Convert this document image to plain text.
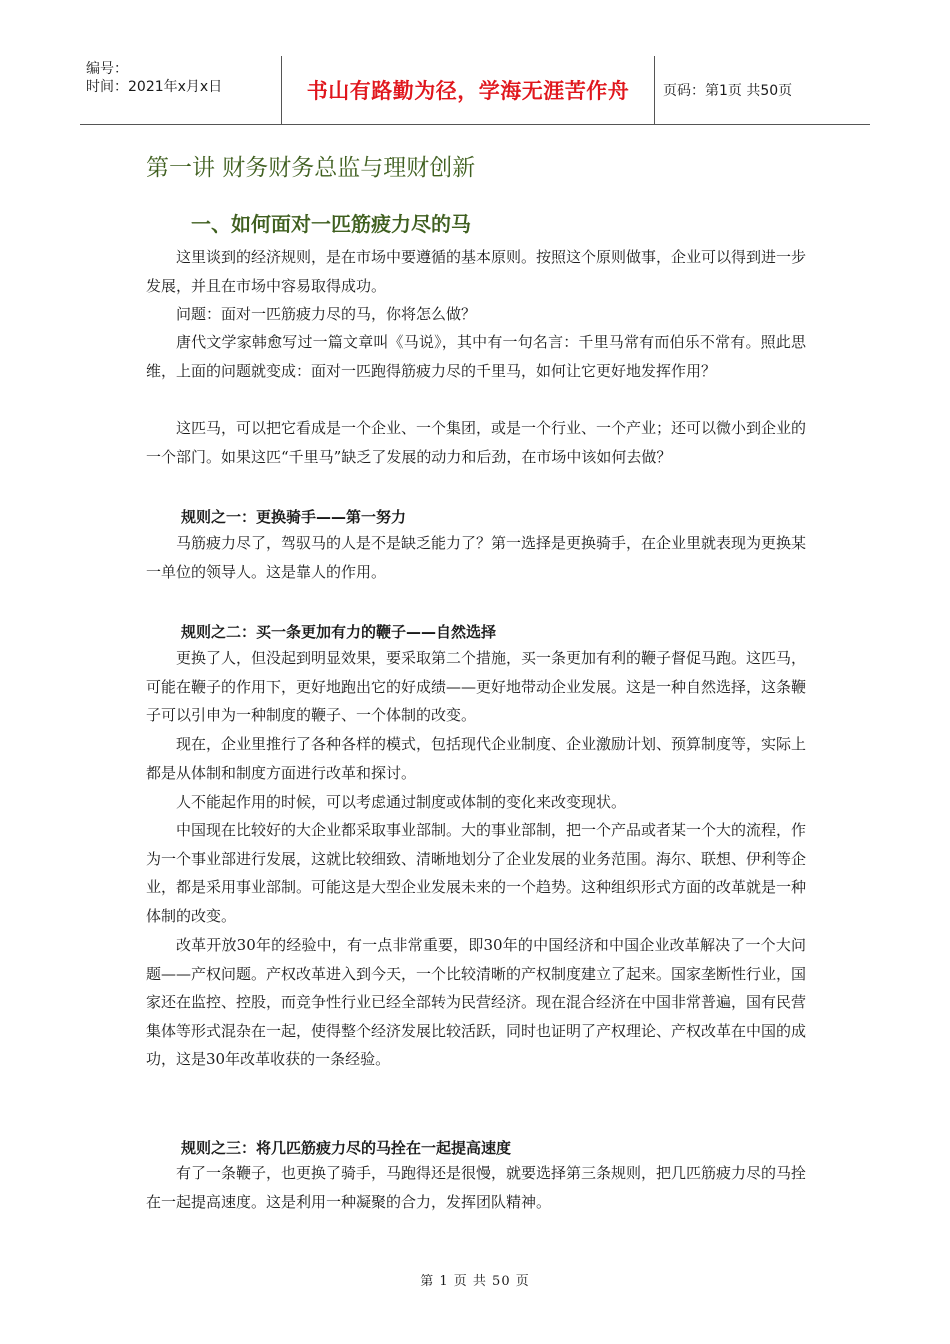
编号：
时间：2021年x月x日	书山有路勤为径，学海无涯苦作舟 页码：第1页 共50页
第一讲 财务财务总监与理财创新
一、如何面对一匹筋疲力尽的马
这里谈到的经济规则，是在市场中要遵循的基本原则。按照这个原则做事，企业可以得到进一步发展，并且在市场中容易取得成功。
问题：面对一匹筋疲力尽的马，你将怎么做？
唐代文学家韩愈写过一篇文章叫《马说》，其中有一句名言：千里马常有而伯乐不常有。照此思维，上面的问题就变成：面对一匹跑得筋疲力尽的千里马，如何让它更好地发挥作用？
这匹马，可以把它看成是一个企业、一个集团，或是一个行业、一个产业；还可以微小到企业的一个部门。如果这匹“千里马”缺乏了发展的动力和后劲，在市场中该如何去做？
规则之一：更换骑手——第一努力
马筋疲力尽了，驾驭马的人是不是缺乏能力了？第一选择是更换骑手，在企业里就表现为更换某一单位的领导人。这是靠人的作用。
规则之二：买一条更加有力的鞭子——自然选择
更换了人，但没起到明显效果，要采取第二个措施，买一条更加有利的鞭子督促马跑。这匹马，可能在鞭子的作用下，更好地跑出它的好成绩——更好地带动企业发展。这是一种自然选择，这条鞭子可以引申为一种制度的鞭子、一个体制的改变。
现在，企业里推行了各种各样的模式，包括现代企业制度、企业激励计划、预算制度等，实际上都是从体制和制度方面进行改革和探讨。
人不能起作用的时候，可以考虑通过制度或体制的变化来改变现状。
中国现在比较好的大企业都采取事业部制。大的事业部制，把一个产品或者某一个大的流程，作为一个事业部进行发展，这就比较细致、清晰地划分了企业发展的业务范围。海尔、联想、伊利等企业，都是采用事业部制。可能这是大型企业发展未来的一个趋势。这种组织形式方面的改革就是一种体制的改变。
改革开放30年的经验中，有一点非常重要，即30年的中国经济和中国企业改革解决了一个大问题——产权问题。产权改革进入到今天，一个比较清晰的产权制度建立了起来。国家垄断性行业，国家还在监控、控股，而竞争性行业已经全部转为民营经济。现在混合经济在中国非常普遍，国有民营集体等形式混杂在一起，使得整个经济发展比较活跃，同时也证明了产权理论、产权改革在中国的成功，这是30年改革收获的一条经验。
规则之三：将几匹筋疲力尽的马拴在一起提高速度
有了一条鞭子，也更换了骑手，马跑得还是很慢，就要选择第三条规则，把几匹筋疲力尽的马拴在一起提高速度。这是利用一种凝聚的合力，发挥团队精神。
第 1 页 共 50 页
